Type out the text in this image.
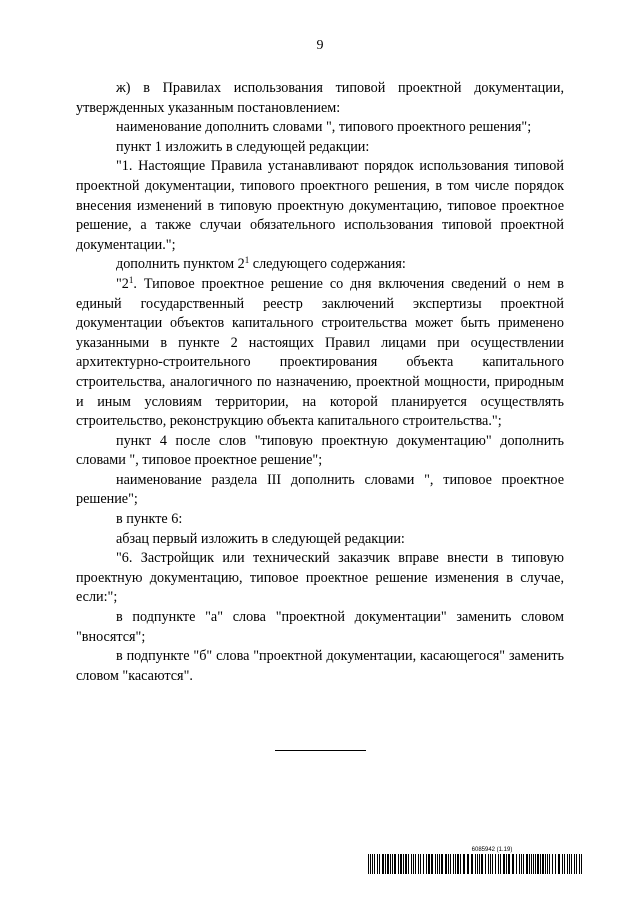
9

ж) в Правилах использования типовой проектной документации, утвержденных указанным постановлением:

наименование дополнить словами ", типового проектного решения";

пункт 1 изложить в следующей редакции:

"1. Настоящие Правила устанавливают порядок использования типовой проектной документации, типового проектного решения, в том числе порядок внесения изменений в типовую проектную документацию, типовое проектное решение, а также случаи обязательного использования типовой проектной документации.";

дополнить пунктом $2^1$ следующего содержания:

"$2^1$. Типовое проектное решение со дня включения сведений о нем в единый государственный реестр заключений экспертизы проектной документации объектов капитального строительства может быть применено указанными в пункте 2 настоящих Правил лицами при осуществлении архитектурно-строительного проектирования объекта капитального строительства, аналогичного по назначению, проектной мощности, природным и иным условиям территории, на которой планируется осуществлять строительство, реконструкцию объекта капитального строительства.";

пункт 4 после слов "типовую проектную документацию" дополнить словами ", типовое проектное решение";

наименование раздела III дополнить словами ", типовое проектное решение";

в пункте 6:

абзац первый изложить в следующей редакции:

"6. Застройщик или технический заказчик вправе внести в типовую проектную документацию, типовое проектное решение изменения в случае, если:";

в подпункте "а" слова "проектной документации" заменить словом "вносятся";

в подпункте "б" слова "проектной документации, касающегося" заменить словом "касаются".

6085942 (1.19)
